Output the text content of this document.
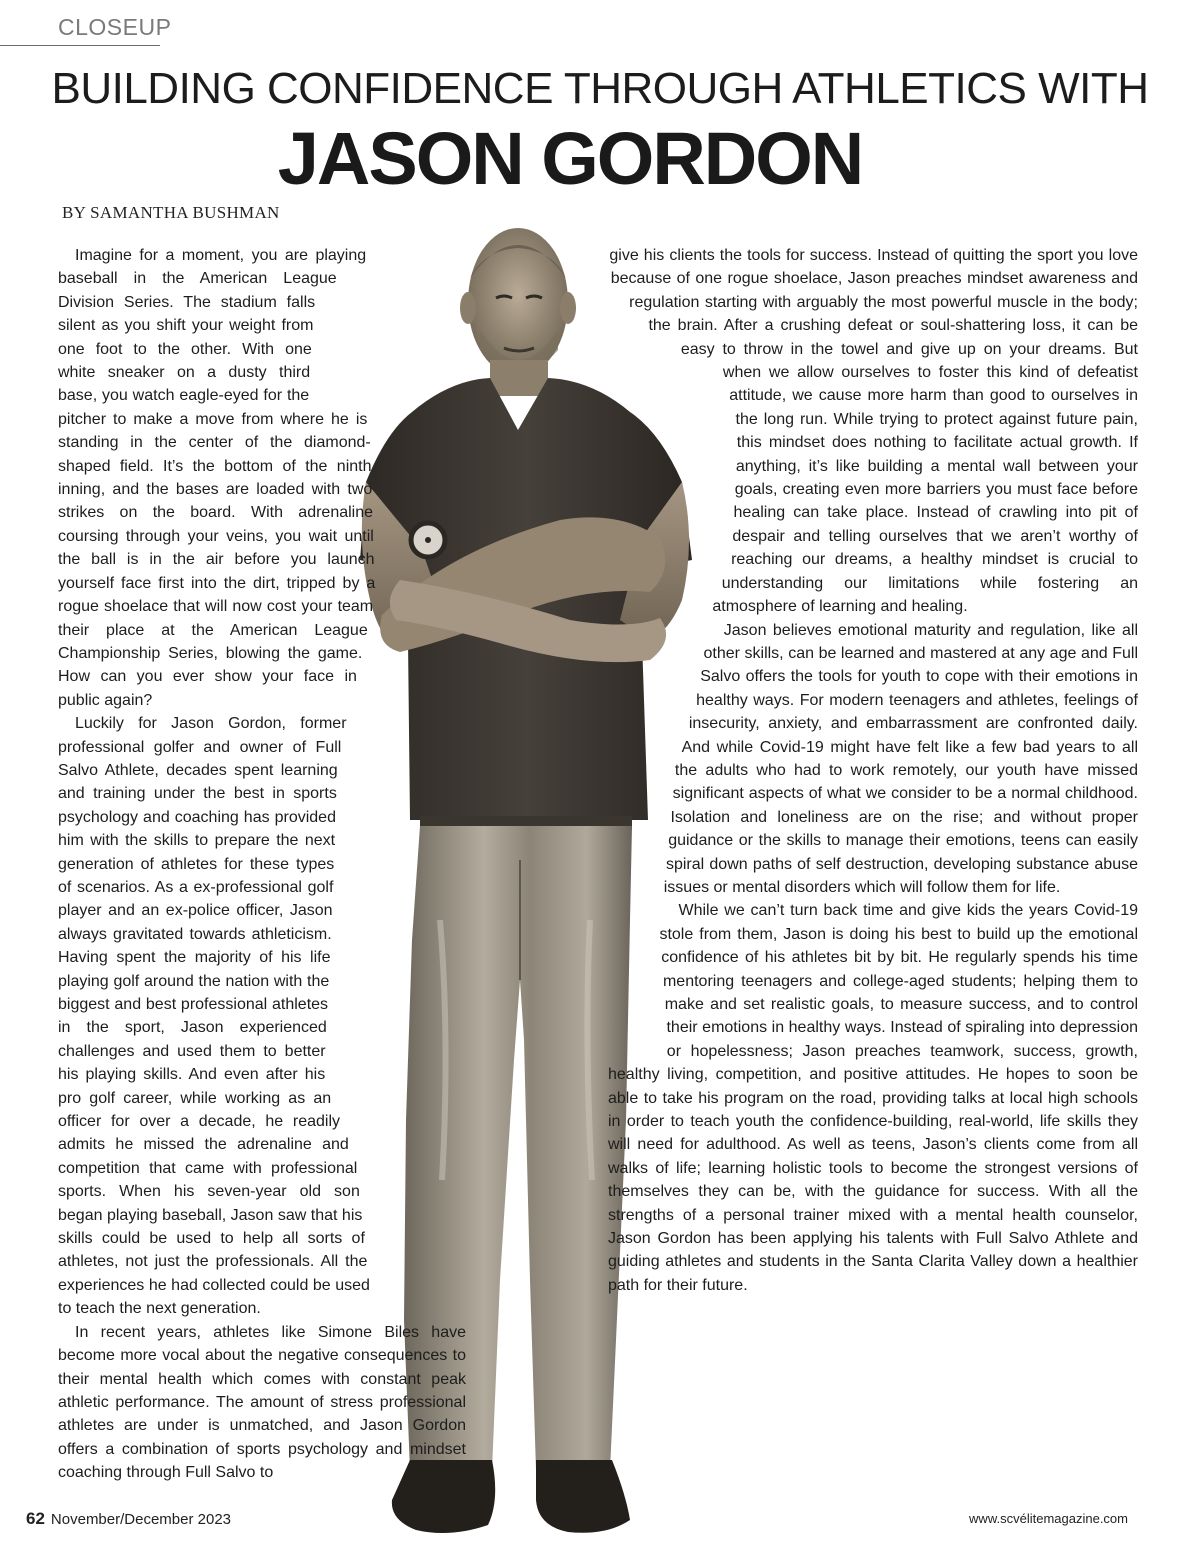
CLOSEUP
BUILDING CONFIDENCE THROUGH ATHLETICS WITH
JASON GORDON
BY SAMANTHA BUSHMAN

Imagine for a moment, you are playing baseball in the American League Division Series. The stadium falls silent as you shift your weight from one foot to the other. With one white sneaker on a dusty third base, you watch eagle-eyed for the pitcher to make a move from where he is standing in the center of the diamond-shaped field. It’s the bottom of the ninth inning, and the bases are loaded with two strikes on the board. With adrenaline coursing through your veins, you wait until the ball is in the air before you launch yourself face first into the dirt, tripped by a rogue shoelace that will now cost your team their place at the American League Championship Series, blowing the game. How can you ever show your face in public again?

Luckily for Jason Gordon, former professional golfer and owner of Full Salvo Athlete, decades spent learning and training under the best in sports psychology and coaching has provided him with the skills to prepare the next generation of athletes for these types of scenarios. As a ex-professional golf player and an ex-police officer, Jason always gravitated towards athleticism. Having spent the majority of his life playing golf around the nation with the biggest and best professional athletes in the sport, Jason experienced challenges and used them to better his playing skills. And even after his pro golf career, while working as an officer for over a decade, he readily admits he missed the adrenaline and competition that came with professional sports. When his seven-year old son began playing baseball, Jason saw that his skills could be used to help all sorts of athletes, not just the professionals. All the experiences he had collected could be used to teach the next generation.

In recent years, athletes like Simone Biles have become more vocal about the negative consequences to their mental health which comes with constant peak athletic performance. The amount of stress professional athletes are under is unmatched, and Jason Gordon offers a combination of sports psychology and mindset coaching through Full Salvo to

give his clients the tools for success. Instead of quitting the sport you love because of one rogue shoelace, Jason preaches mindset awareness and regulation starting with arguably the most powerful muscle in the body; the brain. After a crushing defeat or soul-shattering loss, it can be easy to throw in the towel and give up on your dreams. But when we allow ourselves to foster this kind of defeatist attitude, we cause more harm than good to ourselves in the long run. While trying to protect against future pain, this mindset does nothing to facilitate actual growth. If anything, it’s like building a mental wall between your goals, creating even more barriers you must face before healing can take place. Instead of crawling into pit of despair and telling ourselves that we aren’t worthy of reaching our dreams, a healthy mindset is crucial to understanding our limitations while fostering an atmosphere of learning and healing.

Jason believes emotional maturity and regulation, like all other skills, can be learned and mastered at any age and Full Salvo offers the tools for youth to cope with their emotions in healthy ways. For modern teenagers and athletes, feelings of insecurity, anxiety, and embarrassment are confronted daily. And while Covid-19 might have felt like a few bad years to all the adults who had to work remotely, our youth have missed significant aspects of what we consider to be a normal childhood. Isolation and loneliness are on the rise; and without proper guidance or the skills to manage their emotions, teens can easily spiral down paths of self destruction, developing substance abuse issues or mental disorders which will follow them for life.

While we can’t turn back time and give kids the years Covid-19 stole from them, Jason is doing his best to build up the emotional confidence of his athletes bit by bit. He regularly spends his time mentoring teenagers and college-aged students; helping them to make and set realistic goals, to measure success, and to control their emotions in healthy ways. Instead of spiraling into depression or hopelessness; Jason preaches teamwork, success, growth, healthy living, competition, and positive attitudes. He hopes to soon be able to take his program on the road, providing talks at local high schools in order to teach youth the confidence-building, real-world, life skills they will need for adulthood. As well as teens, Jason’s clients come from all walks of life; learning holistic tools to become the strongest versions of themselves they can be, with the guidance for success. With all the strengths of a personal trainer mixed with a mental health counselor, Jason Gordon has been applying his talents with Full Salvo Athlete and guiding athletes and students in the Santa Clarita Valley down a healthier path for their future.

62 November/December 2023	www.scvélitemagazine.com
